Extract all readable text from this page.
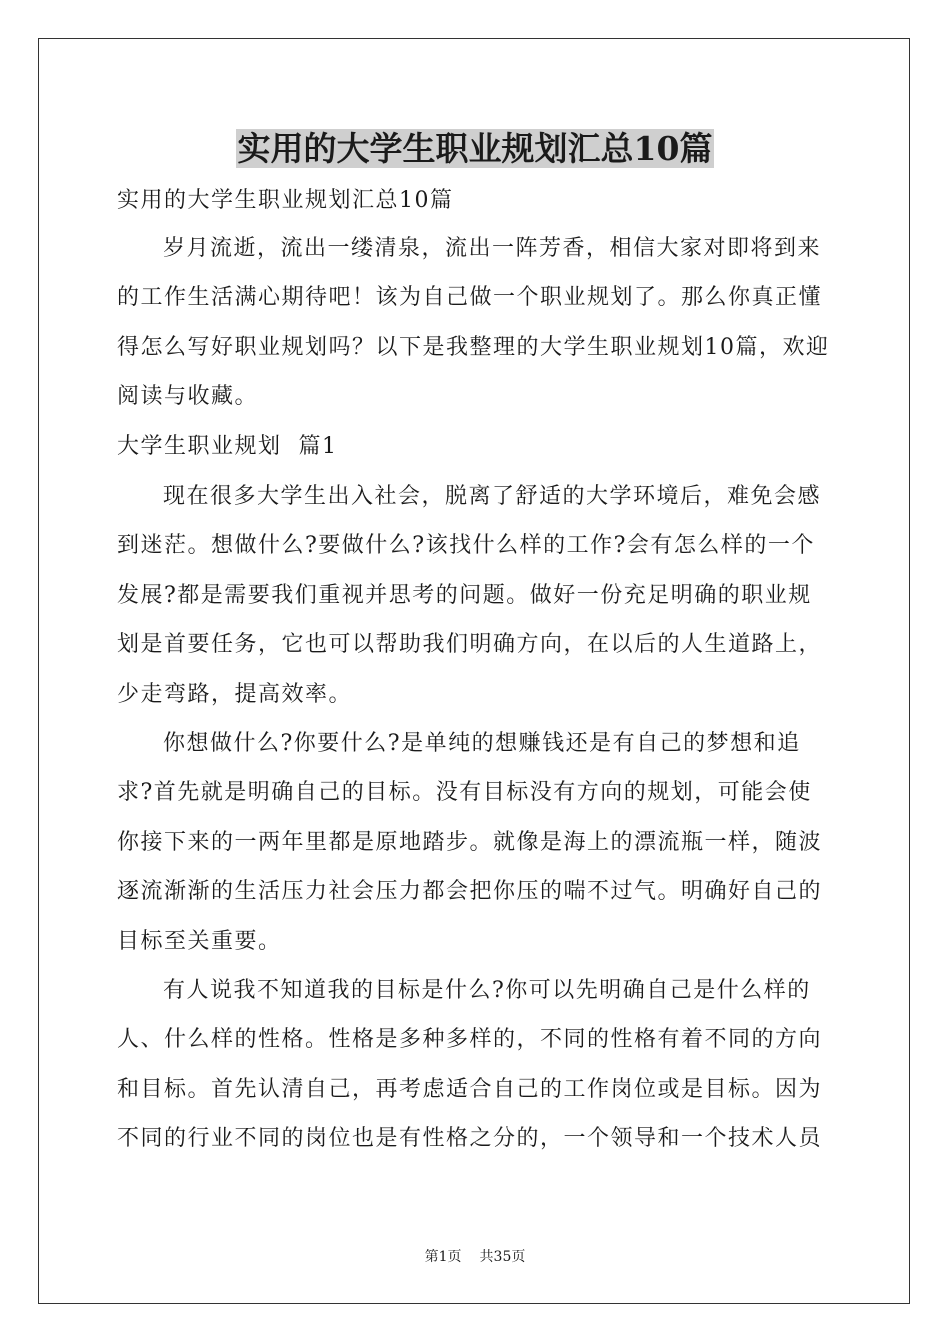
实用的大学生职业规划汇总10篇

实用的大学生职业规划汇总10篇

岁月流逝，流出一缕清泉，流出一阵芳香，相信大家对即将到来的工作生活满心期待吧！该为自己做一个职业规划了。那么你真正懂得怎么写好职业规划吗？以下是我整理的大学生职业规划10篇，欢迎阅读与收藏。

大学生职业规划  篇1

现在很多大学生出入社会，脱离了舒适的大学环境后，难免会感到迷茫。想做什么?要做什么?该找什么样的工作?会有怎么样的一个发展?都是需要我们重视并思考的问题。做好一份充足明确的职业规划是首要任务，它也可以帮助我们明确方向，在以后的人生道路上，少走弯路，提高效率。

你想做什么?你要什么?是单纯的想赚钱还是有自己的梦想和追求?首先就是明确自己的目标。没有目标没有方向的规划，可能会使你接下来的一两年里都是原地踏步。就像是海上的漂流瓶一样，随波逐流渐渐的生活压力社会压力都会把你压的喘不过气。明确好自己的目标至关重要。

有人说我不知道我的目标是什么?你可以先明确自己是什么样的人、什么样的性格。性格是多种多样的，不同的性格有着不同的方向和目标。首先认清自己，再考虑适合自己的工作岗位或是目标。因为不同的行业不同的岗位也是有性格之分的，一个领导和一个技术人员

第1页 共35页
